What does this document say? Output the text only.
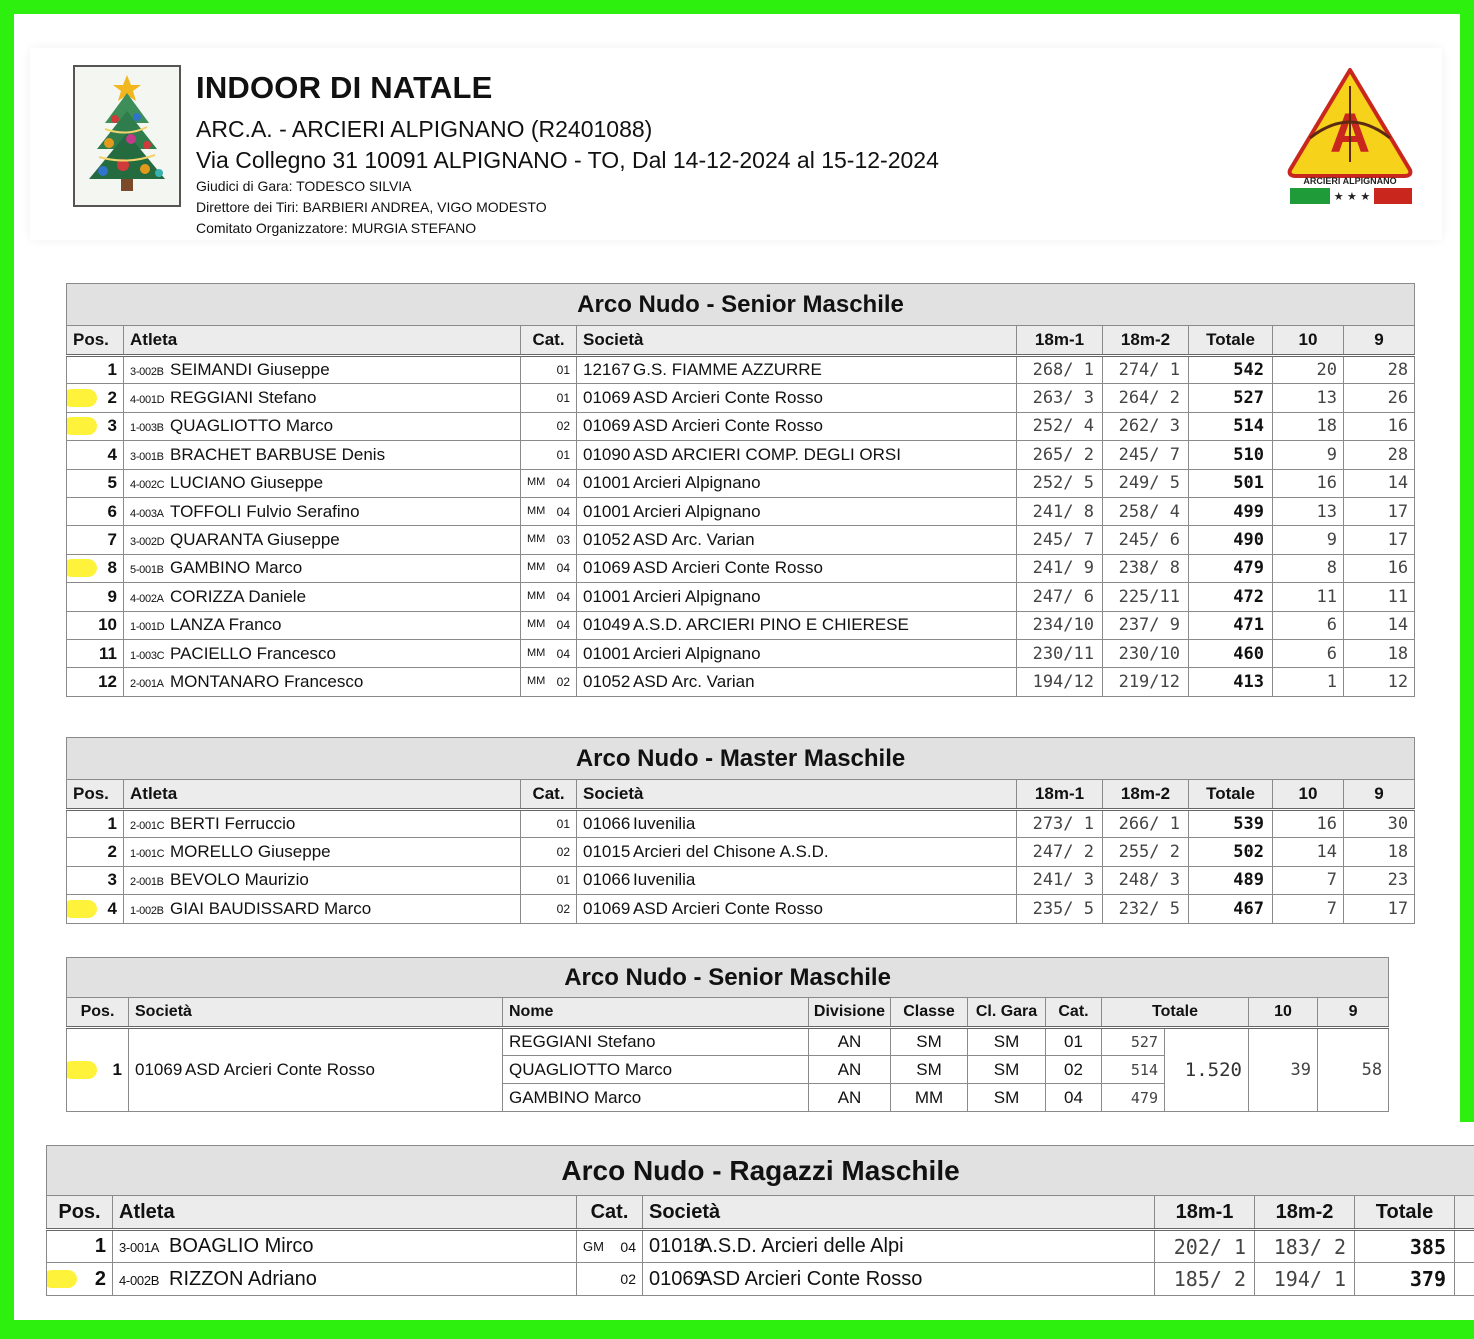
INDOOR DI NATALE
ARC.A. - ARCIERI ALPIGNANO (R2401088)
Via Collegno 31 10091 ALPIGNANO - TO, Dal 14-12-2024 al 15-12-2024
Giudici di Gara: TODESCO SILVIA
Direttore dei Tiri: BARBIERI ANDREA, VIGO MODESTO
Comitato Organizzatore: MURGIA STEFANO
A
ARCIERI ALPIGNANO
★ ★ ★
Arco Nudo - Senior Maschile								
Pos.	Atleta	Cat.	Società	18m-1	18m-2	Totale	10	9
1	3-002B SEIMANDI Giuseppe	01	12167 G.S. FIAMME AZZURRE	268/ 1	274/ 1	542	20	28

2	4-001D REGGIANI Stefano	01	01069 ASD Arcieri Conte Rosso	263/ 3	264/ 2	527	13	26

3	1-003B QUAGLIOTTO Marco	02	01069 ASD Arcieri Conte Rosso	252/ 4	262/ 3	514	18	16
4	3-001B BRACHET BARBUSE Denis	01	01090 ASD ARCIERI COMP. DEGLI ORSI	265/ 2	245/ 7	510	9	28
5	4-002C LUCIANO Giuseppe	MM 04	01001 Arcieri Alpignano	252/ 5	249/ 5	501	16	14
6	4-003A TOFFOLI Fulvio Serafino	MM 04	01001 Arcieri Alpignano	241/ 8	258/ 4	499	13	17
7	3-002D QUARANTA Giuseppe	MM 03	01052 ASD Arc. Varian	245/ 7	245/ 6	490	9	17

8	5-001B GAMBINO Marco	MM 04	01069 ASD Arcieri Conte Rosso	241/ 9	238/ 8	479	8	16
9	4-002A CORIZZA Daniele	MM 04	01001 Arcieri Alpignano	247/ 6	225/11	472	11	11
10	1-001D LANZA Franco	MM 04	01049 A.S.D. ARCIERI PINO E CHIERESE	234/10	237/ 9	471	6	14
11	1-003C PACIELLO Francesco	MM 04	01001 Arcieri Alpignano	230/11	230/10	460	6	18
12	2-001A MONTANARO Francesco	MM 02	01052 ASD Arc. Varian	194/12	219/12	413	1	12
Arco Nudo - Master Maschile								
Pos.	Atleta	Cat.	Società	18m-1	18m-2	Totale	10	9
1	2-001C BERTI Ferruccio	01	01066 Iuvenilia	273/ 1	266/ 1	539	16	30
2	1-001C MORELLO Giuseppe	02	01015 Arcieri del Chisone A.S.D.	247/ 2	255/ 2	502	14	18
3	2-001B BEVOLO Maurizio	01	01066 Iuvenilia	241/ 3	248/ 3	489	7	23

4	1-002B GIAI BAUDISSARD Marco	02	01069 ASD Arcieri Conte Rosso	235/ 5	232/ 5	467	7	17
Arco Nudo - Senior Maschile										
Pos.	Società	Nome	Divisione	Classe	Cl. Gara	Cat.	Totale		10	9

1	01069 ASD Arcieri Conte Rosso	REGGIANI Stefano	AN	SM	SM	01	527	1.520	39	58
		QUAGLIOTTO Marco	AN	SM	SM	02	514			
		GAMBINO Marco	AN	MM	SM	04	479			
Arco Nudo - Ragazzi Maschile							
Pos.	Atleta	Cat.	Società	18m-1	18m-2	Totale	
1	3-001A BOAGLIO Mirco	GM 04	01018A.S.D. Arcieri delle Alpi	202/ 1	183/ 2	385	

2	4-002B RIZZON Adriano	02	01069ASD Arcieri Conte Rosso	185/ 2	194/ 1	379	
